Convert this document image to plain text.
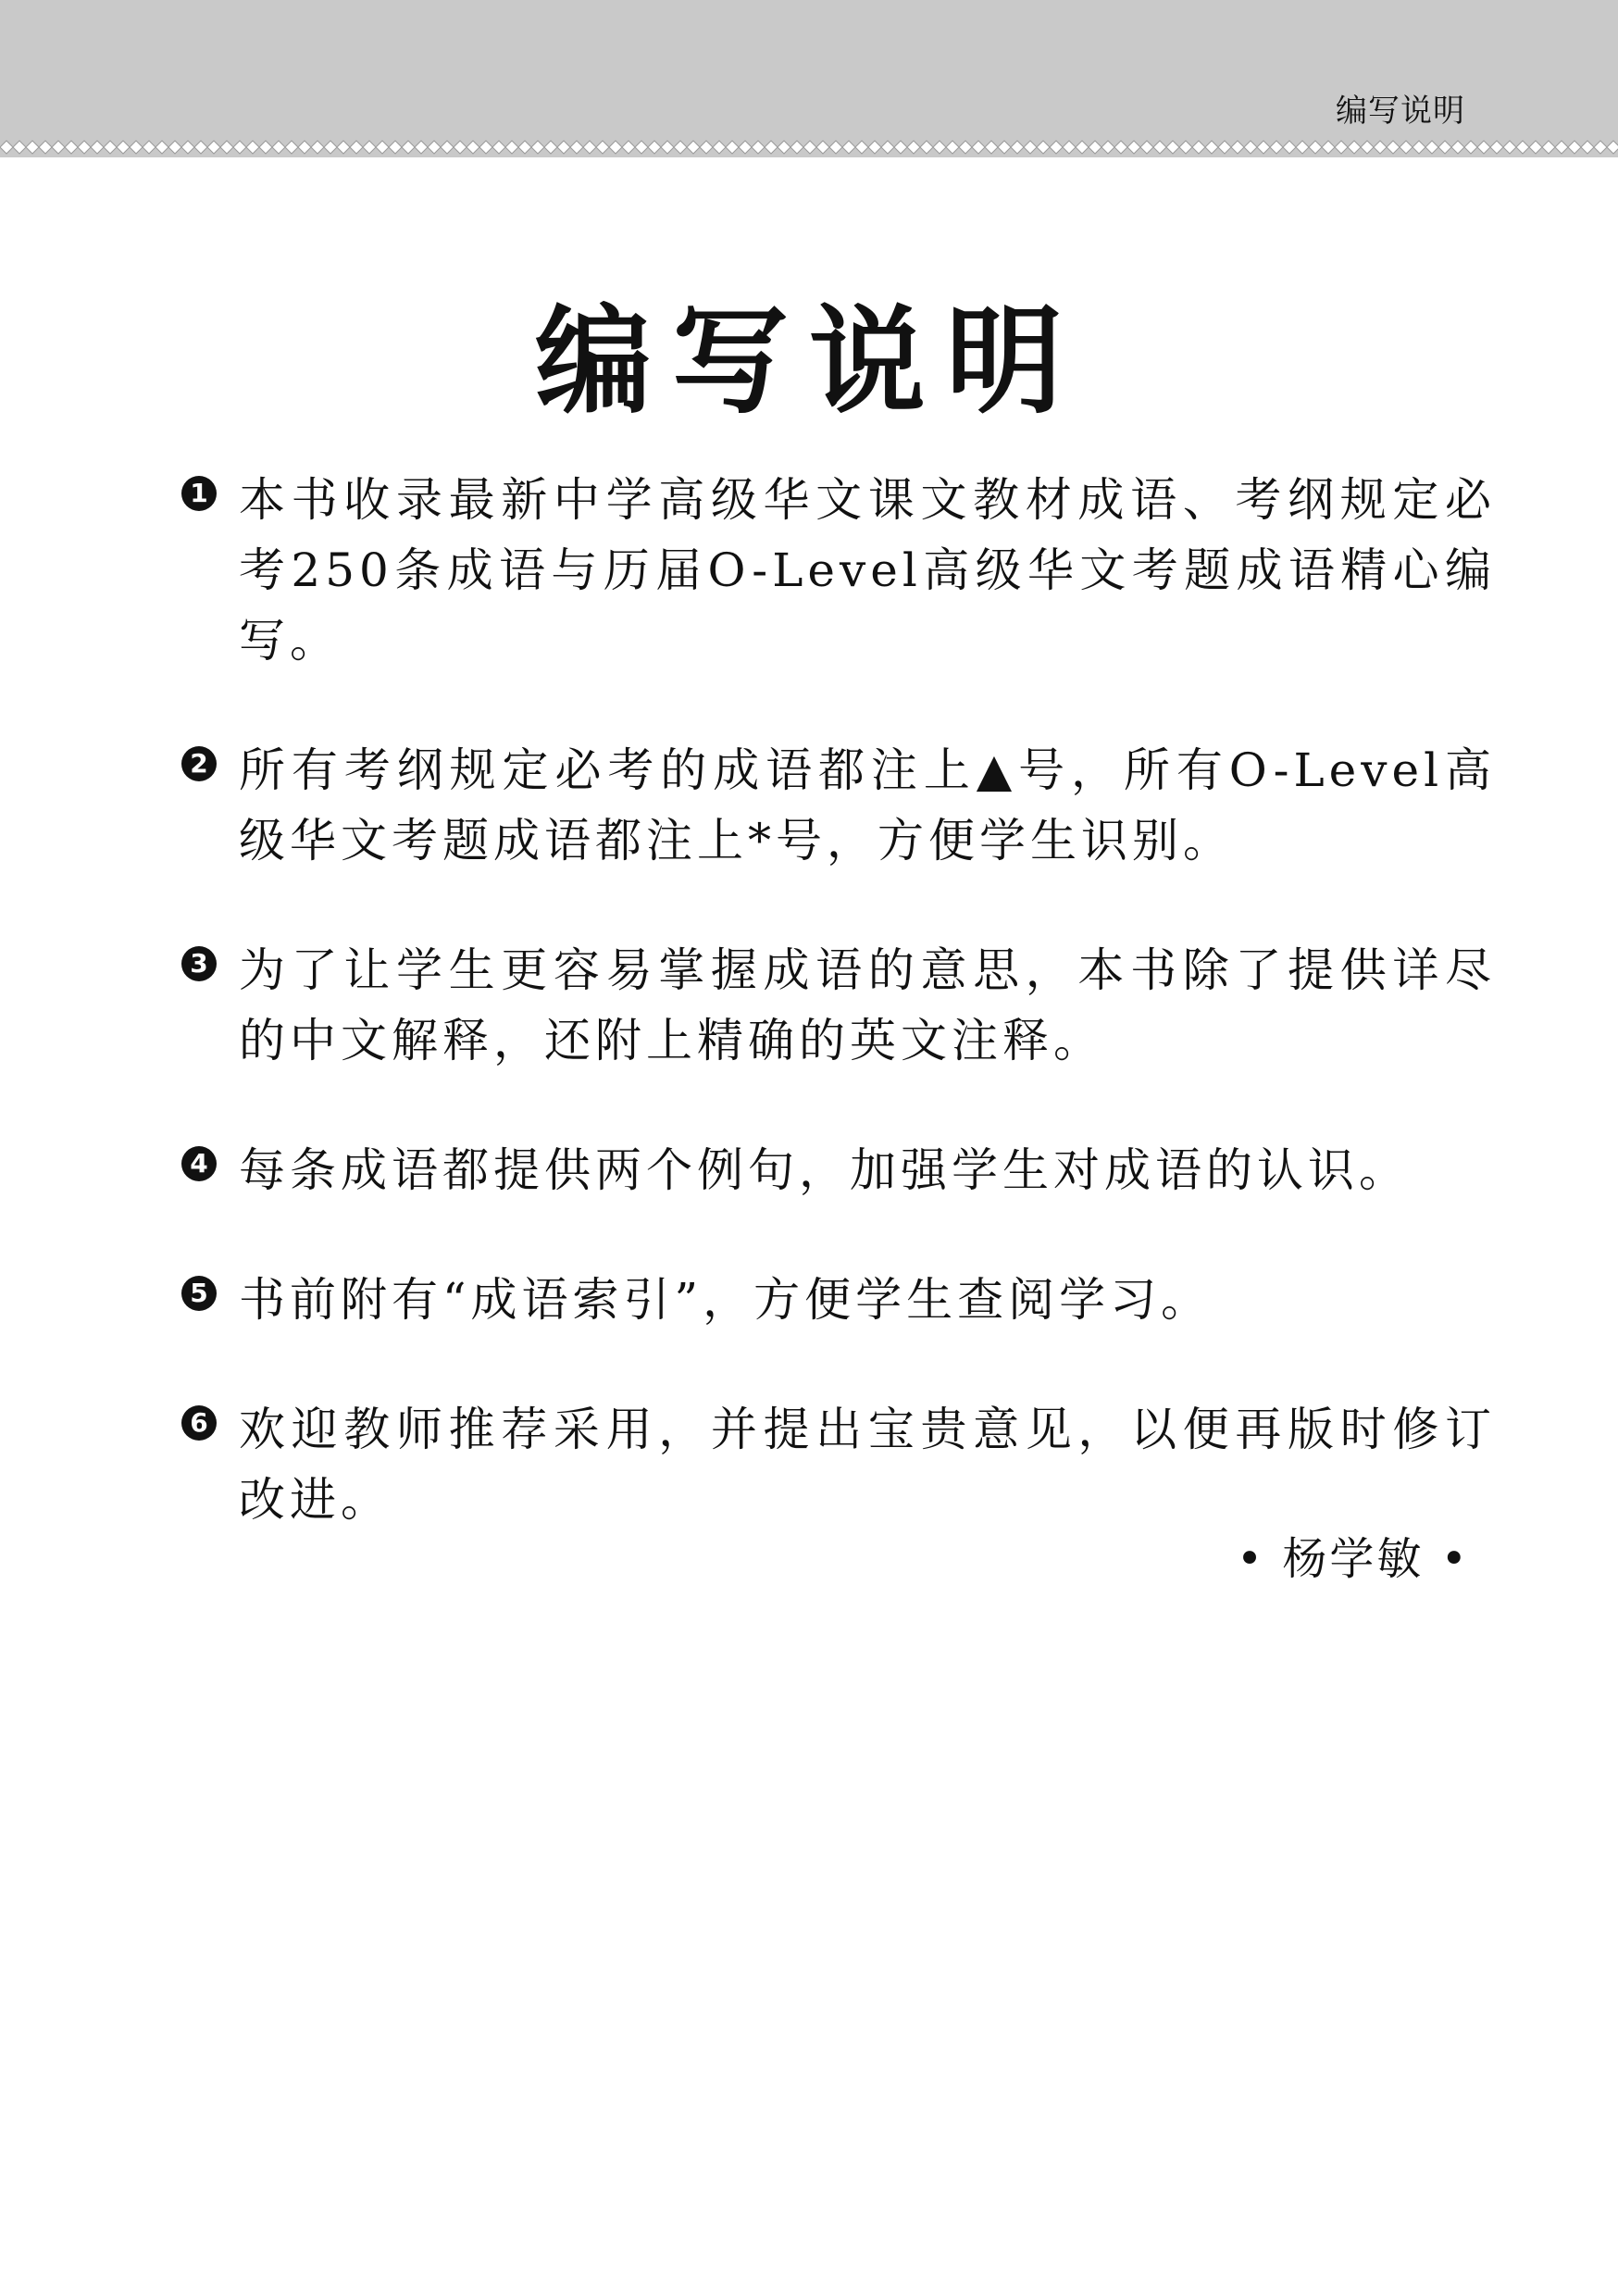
编写说明
编写说明
1 本书收录最新中学高级华文课文教材成语、考纲规定必考250条成语与历届O-Level高级华文考题成语精心编写。
2 所有考纲规定必考的成语都注上▲号，所有O-Level高级华文考题成语都注上*号，方便学生识别。
3 为了让学生更容易掌握成语的意思，本书除了提供详尽的中文解释，还附上精确的英文注释。
4 每条成语都提供两个例句，加强学生对成语的认识。
5 书前附有“成语索引”，方便学生查阅学习。
6 欢迎教师推荐采用，并提出宝贵意见，以便再版时修订改进。
• 杨学敏 •
